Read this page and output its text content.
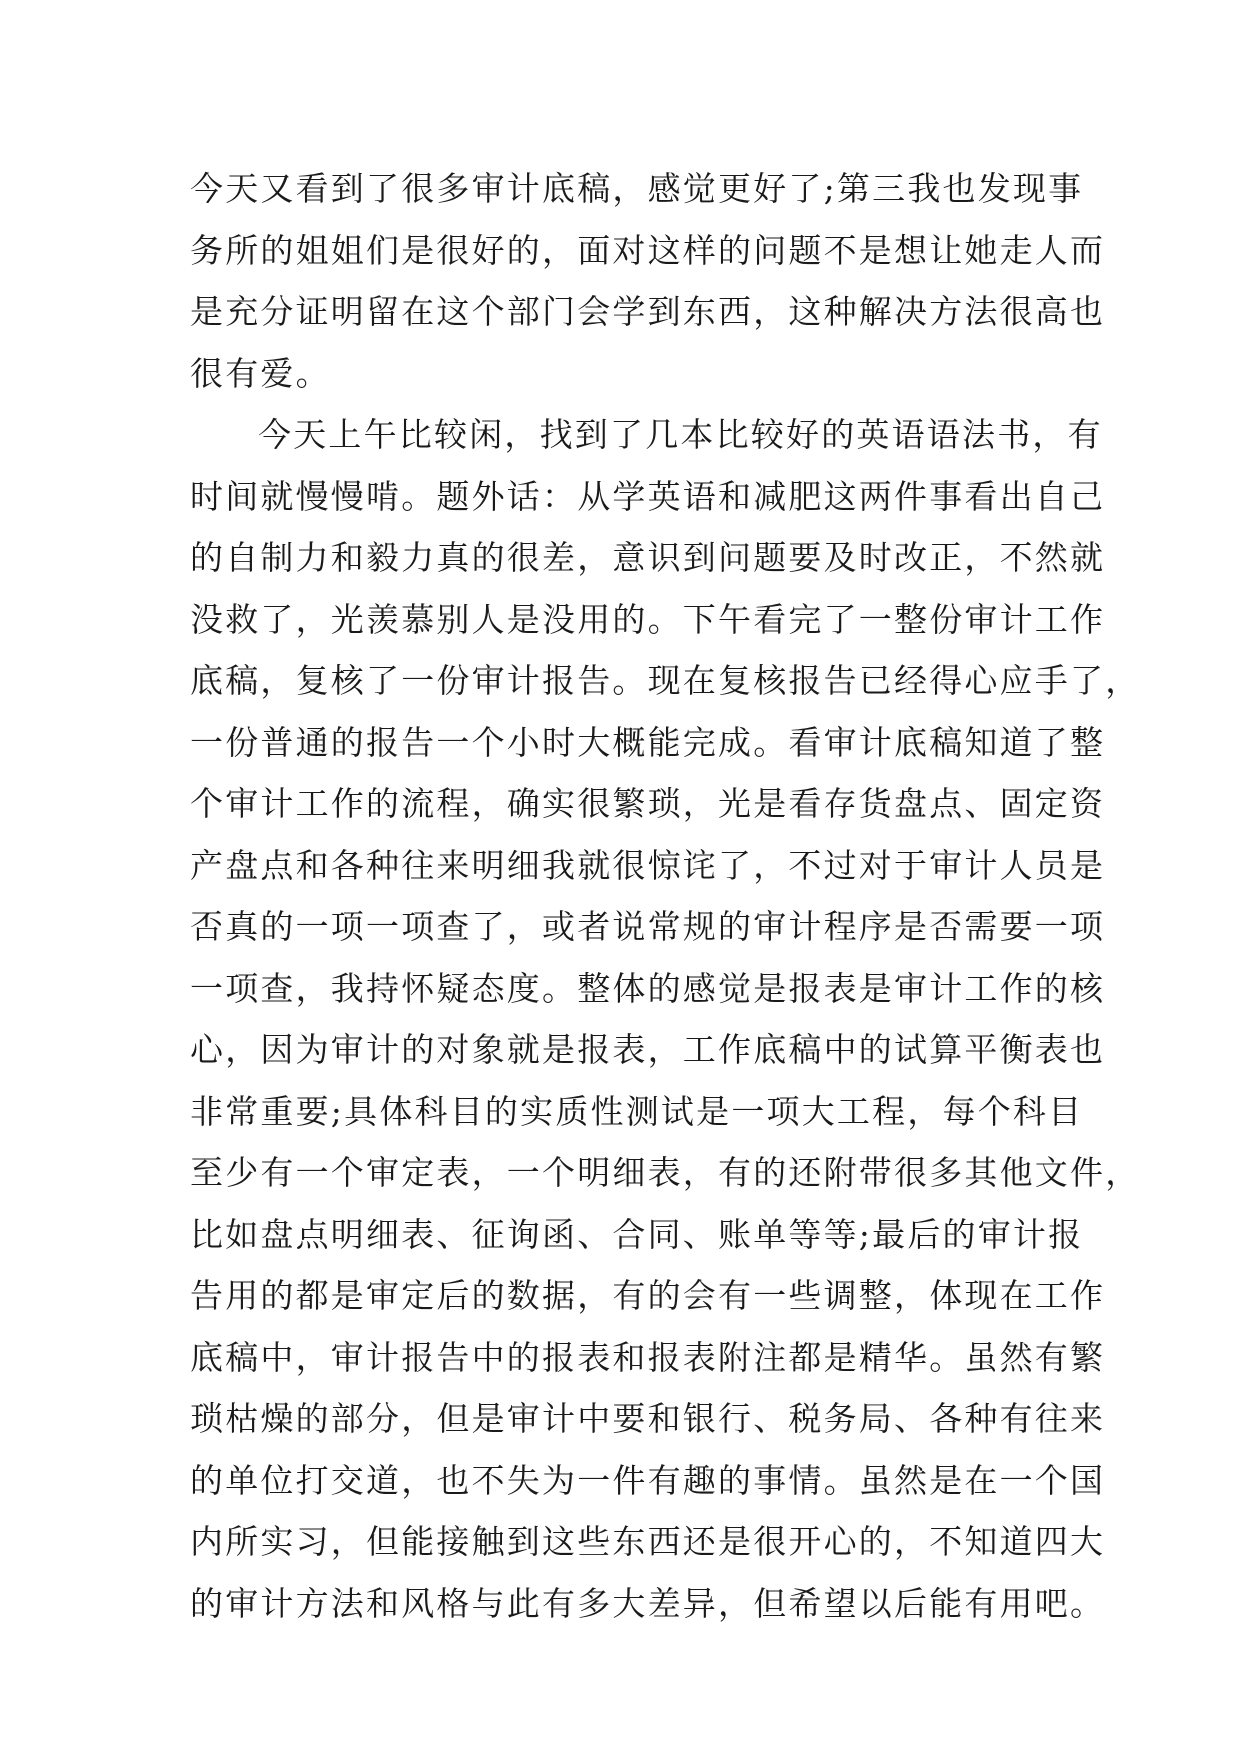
今天又看到了很多审计底稿，感觉更好了;第三我也发现事
务所的姐姐们是很好的，面对这样的问题不是想让她走人而
是充分证明留在这个部门会学到东西，这种解决方法很高也
很有爱。
今天上午比较闲，找到了几本比较好的英语语法书，有
时间就慢慢啃。题外话：从学英语和减肥这两件事看出自己
的自制力和毅力真的很差，意识到问题要及时改正，不然就
没救了，光羡慕别人是没用的。下午看完了一整份审计工作
底稿，复核了一份审计报告。现在复核报告已经得心应手了，
一份普通的报告一个小时大概能完成。看审计底稿知道了整
个审计工作的流程，确实很繁琐，光是看存货盘点、固定资
产盘点和各种往来明细我就很惊诧了，不过对于审计人员是
否真的一项一项查了，或者说常规的审计程序是否需要一项
一项查，我持怀疑态度。整体的感觉是报表是审计工作的核
心，因为审计的对象就是报表，工作底稿中的试算平衡表也
非常重要;具体科目的实质性测试是一项大工程，每个科目
至少有一个审定表，一个明细表，有的还附带很多其他文件，
比如盘点明细表、征询函、合同、账单等等;最后的审计报
告用的都是审定后的数据，有的会有一些调整，体现在工作
底稿中，审计报告中的报表和报表附注都是精华。虽然有繁
琐枯燥的部分，但是审计中要和银行、税务局、各种有往来
的单位打交道，也不失为一件有趣的事情。虽然是在一个国
内所实习，但能接触到这些东西还是很开心的，不知道四大
的审计方法和风格与此有多大差异，但希望以后能有用吧。
